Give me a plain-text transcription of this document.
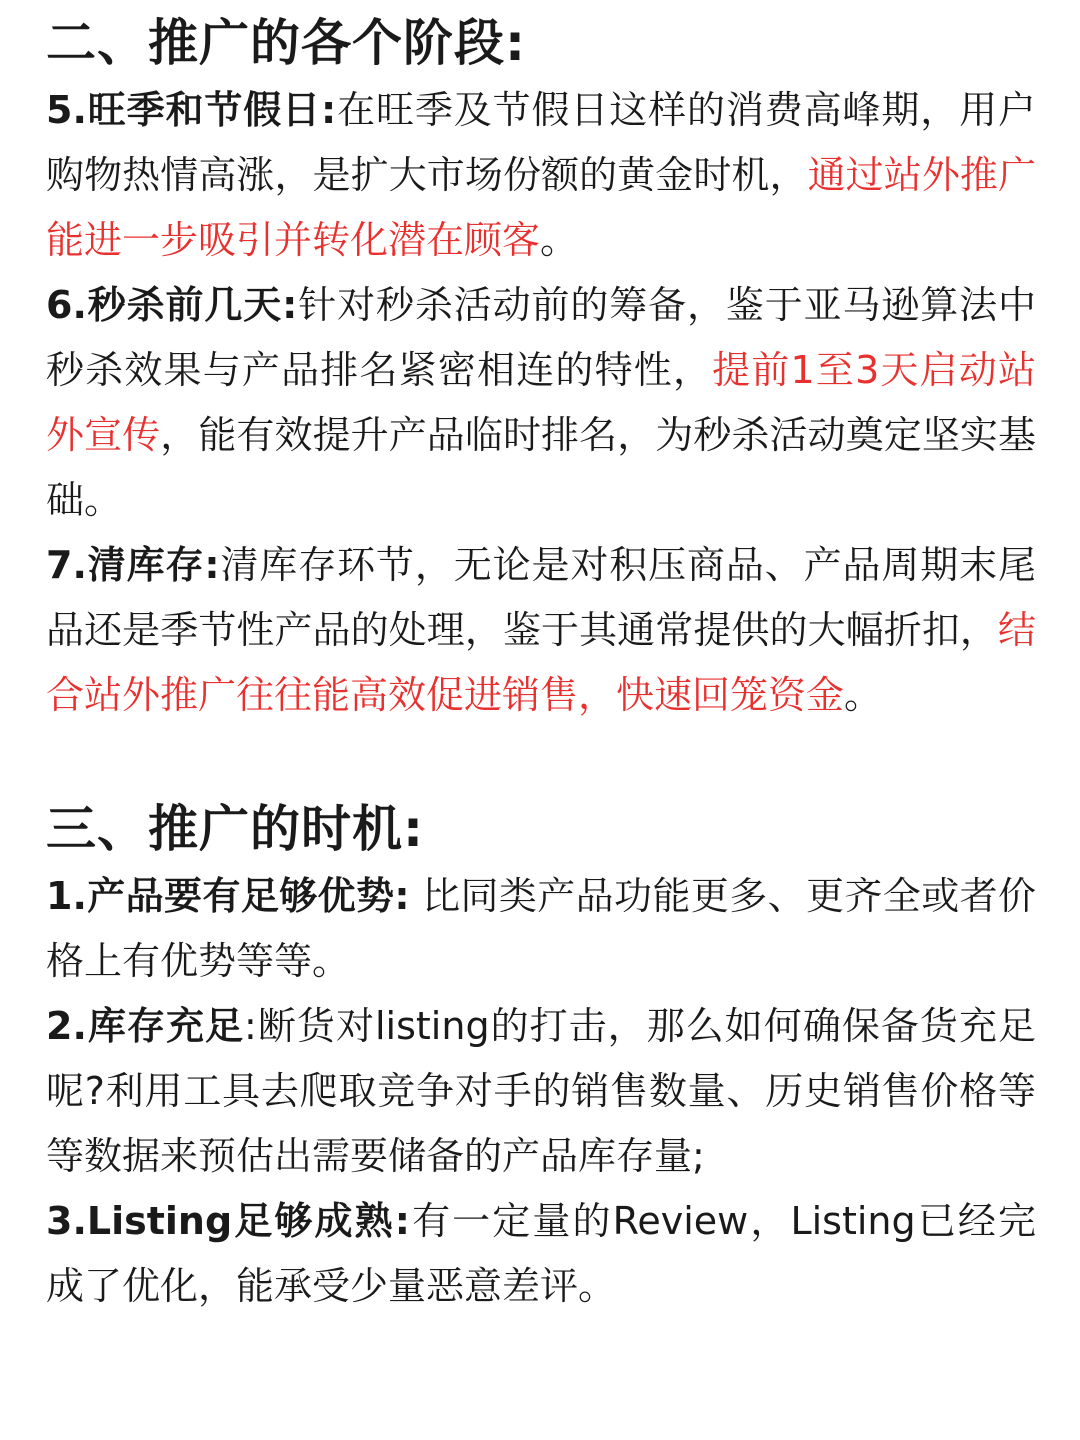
二、推广的各个阶段:

5.旺季和节假日:在旺季及节假日这样的消费高峰期，用户购物热情高涨，是扩大市场份额的黄金时机，通过站外推广能进一步吸引并转化潜在顾客。

6.秒杀前几天:针对秒杀活动前的筹备，鉴于亚马逊算法中秒杀效果与产品排名紧密相连的特性，提前1至3天启动站外宣传，能有效提升产品临时排名，为秒杀活动奠定坚实基础。

7.清库存:清库存环节，无论是对积压商品、产品周期末尾品还是季节性产品的处理，鉴于其通常提供的大幅折扣，结合站外推广往往能高效促进销售，快速回笼资金。

三、推广的时机:

1.产品要有足够优势: 比同类产品功能更多、更齐全或者价格上有优势等等。

2.库存充足:断货对listing的打击，那么如何确保备货充足呢?利用工具去爬取竞争对手的销售数量、历史销售价格等等数据来预估出需要储备的产品库存量;

3.Listing足够成熟:有一定量的Review，Listing已经完成了优化，能承受少量恶意差评。
